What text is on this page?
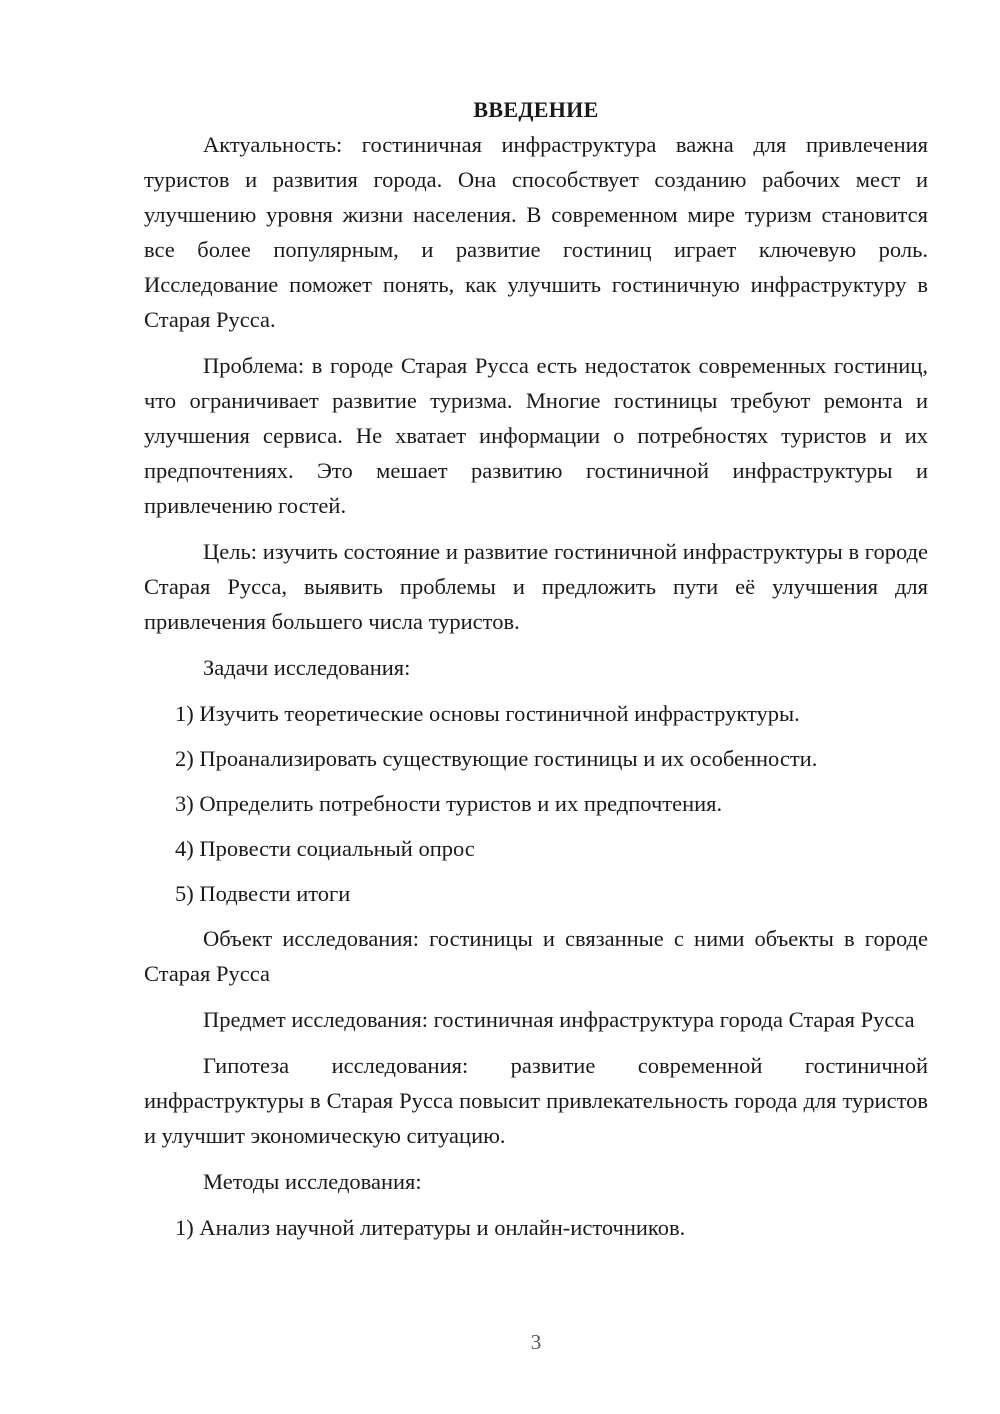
ВВЕДЕНИЕ

Актуальность: гостиничная инфраструктура важна для привлечения туристов и развития города. Она способствует созданию рабочих мест и улучшению уровня жизни населения. В современном мире туризм становится все более популярным, и развитие гостиниц играет ключевую роль. Исследование поможет понять, как улучшить гостиничную инфраструктуру в Старая Русса.

Проблема: в городе Старая Русса есть недостаток современных гостиниц, что ограничивает развитие туризма. Многие гостиницы требуют ремонта и улучшения сервиса. Не хватает информации о потребностях туристов и их предпочтениях. Это мешает развитию гостиничной инфраструктуры и привлечению гостей.

Цель: изучить состояние и развитие гостиничной инфраструктуры в городе Старая Русса, выявить проблемы и предложить пути её улучшения для привлечения большего числа туристов.

Задачи исследования:

1) Изучить теоретические основы гостиничной инфраструктуры.
2) Проанализировать существующие гостиницы и их особенности.
3) Определить потребности туристов и их предпочтения.
4) Провести социальный опрос
5) Подвести итоги

Объект исследования: гостиницы и связанные с ними объекты в городе Старая Русса

Предмет исследования: гостиничная инфраструктура города Старая Русса

Гипотеза исследования: развитие современной гостиничной инфраструктуры в Старая Русса повысит привлекательность города для туристов и улучшит экономическую ситуацию.

Методы исследования:

1) Анализ научной литературы и онлайн-источников.
3
